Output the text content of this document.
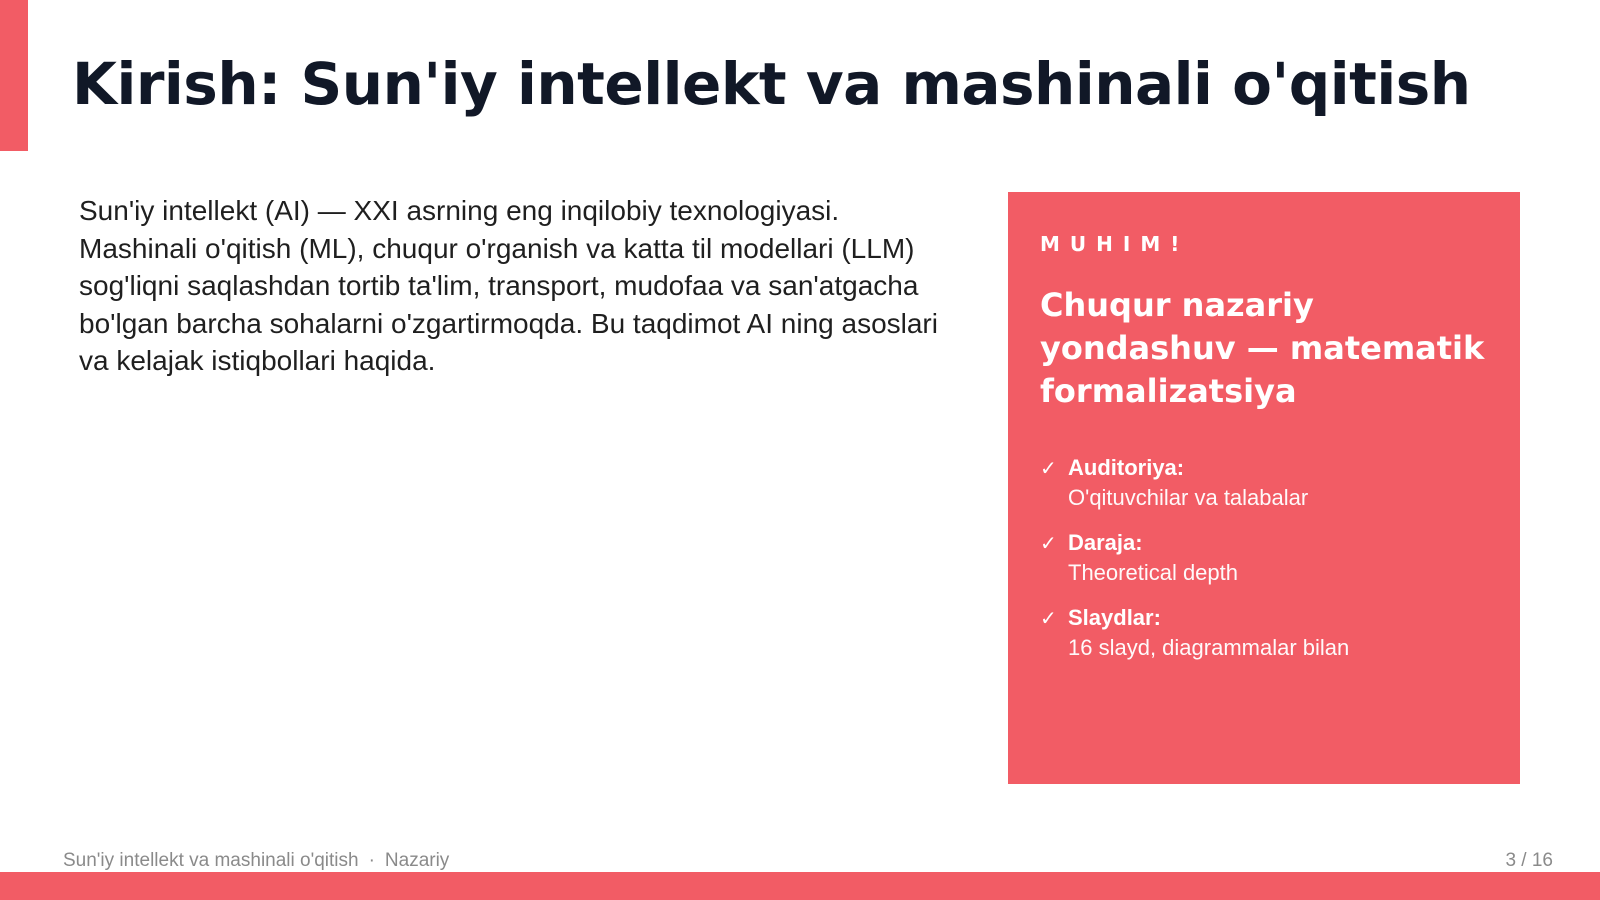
Kirish: Sun'iy intellekt va mashinali o'qitish

Sun'iy intellekt (AI) — XXI asrning eng inqilobiy texnologiyasi. Mashinali o'qitish (ML), chuqur o'rganish va katta til modellari (LLM) sog'liqni saqlashdan tortib ta'lim, transport, mudofaa va san'atgacha bo'lgan barcha sohalarni o'zgartirmoqda. Bu taqdimot AI ning asoslari va kelajak istiqbollari haqida.

MUHIM!

Chuqur nazariy yondashuv — matematik formalizatsiya

✓ Auditoriya:
O'qituvchilar va talabalar
✓ Daraja:
Theoretical depth
✓ Slaydlar:
16 slayd, diagrammalar bilan
Sun'iy intellekt va mashinali o'qitish · Nazariy	3 / 16
